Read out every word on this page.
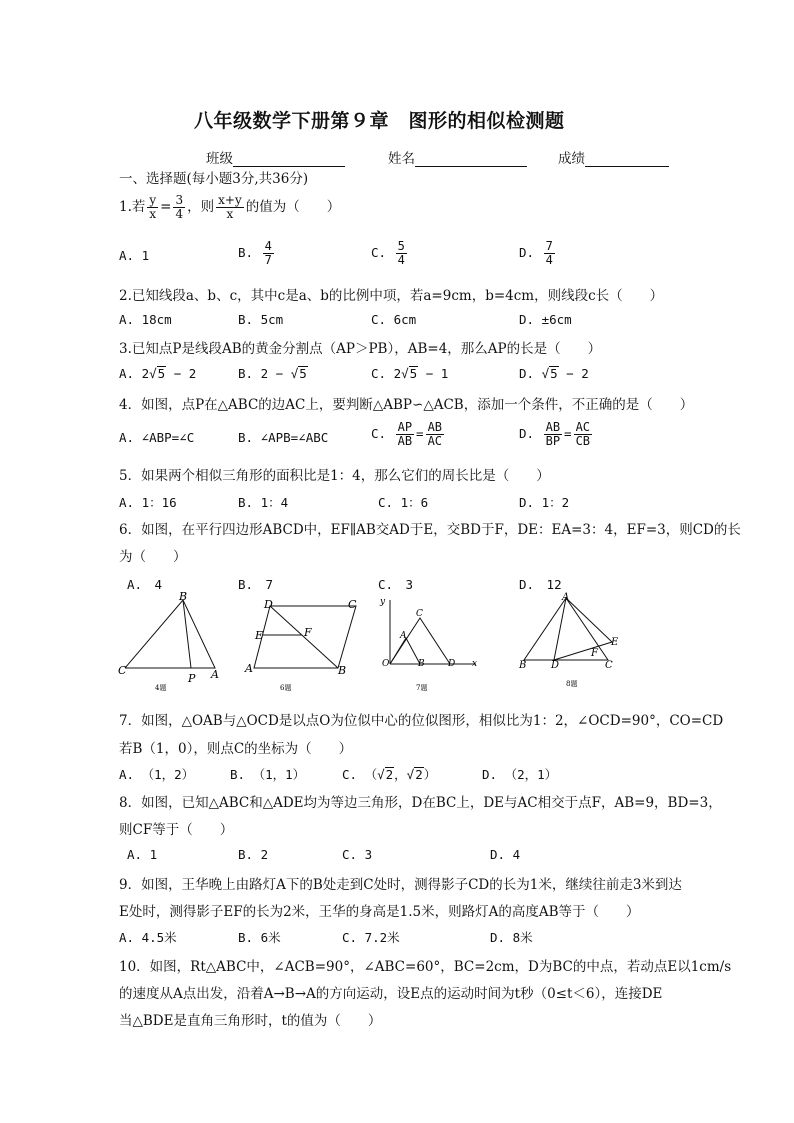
八年级数学下册第９章　图形的相似检测题
班级	姓名	成绩
一、选择题(每小题3分,共36分)
1.若 $\frac{y}{x} = \frac{3}{4}$ ，则 $\frac{x+y}{x}$ 的值为（　　）
A. 1	B. $\frac{4}{7}$	C. $\frac{5}{4}$	D. $\frac{7}{4}$
2.已知线段a、b、c，其中c是a、b的比例中项，若a=9cm，b=4cm，则线段c长（　　）
A. 18cm	B. 5cm	C. 6cm	D. ±6cm
3.已知点P是线段AB的黄金分割点（AP＞PB），AB=4，那么AP的长是（　　）
A. 2√5 − 2	B. 2 − √5	C. 2√5 − 1	D. √5 − 2
4．如图，点P在△ABC的边AC上，要判断△ABP∽△ACB，添加一个条件，不正确的是（　　）
A. ∠ABP=∠C	B. ∠APB=∠ABC	C. $\frac{AP}{AB} = \frac{AB}{AC}$	D. $\frac{AB}{BP} = \frac{AC}{CB}$
5．如果两个相似三角形的面积比是1：4，那么它们的周长比是（　　）
A. 1：16	B. 1：4	C. 1：6	D. 1：2
6．如图，在平行四边形ABCD中，EF∥AB交AD于E，交BD于F，DE：EA=3：4，EF=3，则CD的长
为（　　）
A.　4	B.　7	C.　3	D.　12
B
C
P A
4题
D	C
E	F
A	B
6题
y
C
A
O	B	D x
7题
A
E
F
B D	C
8题
7．如图，△OAB与△OCD是以点O为位似中心的位似图形，相似比为1：2，∠OCD=90°，CO=CD
若B（1，0），则点C的坐标为（　　）
A. （1，2）	B. （1，1）	C. （√2，√2）	D. （2，1）
8．如图，已知△ABC和△ADE均为等边三角形，D在BC上，DE与AC相交于点F，AB=9，BD=3，
则CF等于（　　）
A. 1	B. 2	C. 3	D. 4
9．如图，王华晚上由路灯A下的B处走到C处时，测得影子CD的长为1米，继续往前走3米到达
E处时，测得影子EF的长为2米，王华的身高是1.5米，则路灯A的高度AB等于（　　）
A. 4.5米	B. 6米	C. 7.2米	D. 8米
10．如图，Rt△ABC中，∠ACB=90°，∠ABC=60°，BC=2cm，D为BC的中点，若动点E以1cm/s
的速度从A点出发，沿着A→B→A的方向运动，设E点的运动时间为t秒（0≤t＜6），连接DE
当△BDE是直角三角形时，t的值为（　　）
